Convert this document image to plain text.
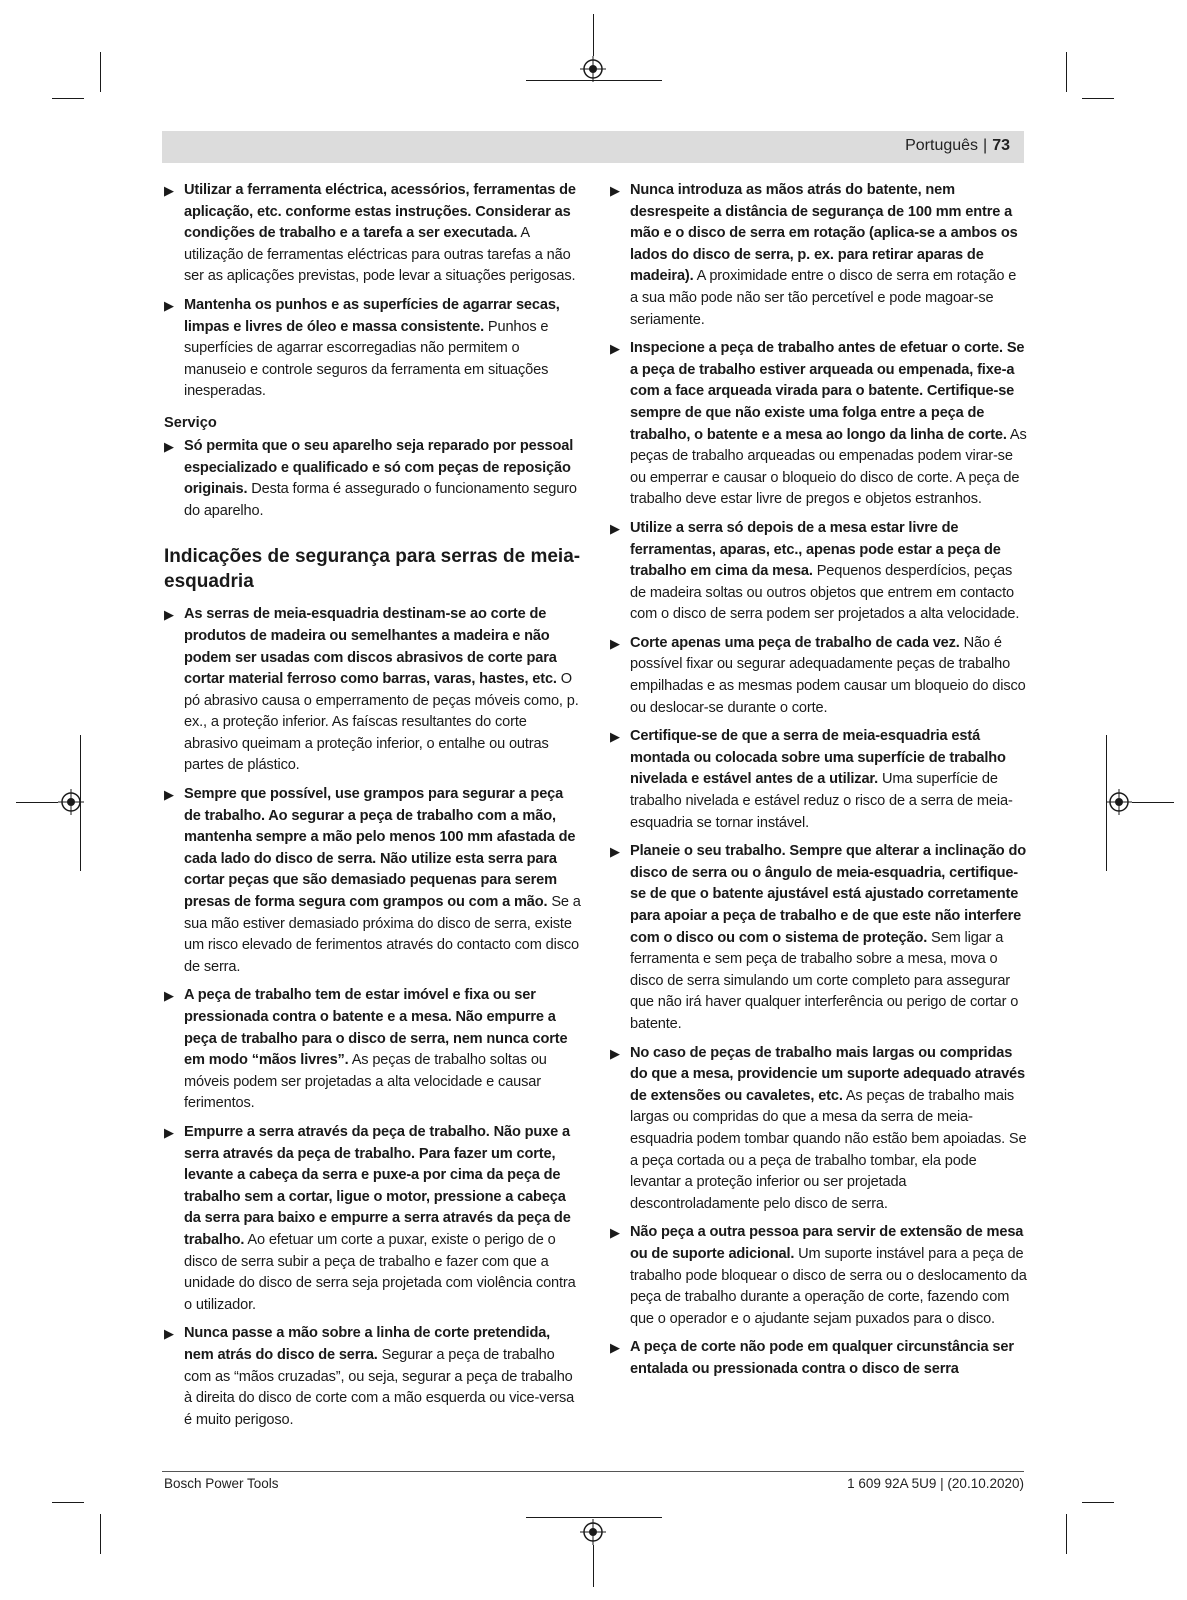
Português | 73
▶ Utilizar a ferramenta eléctrica, acessórios, ferramentas de aplicação, etc. conforme estas instruções. Considerar as condições de trabalho e a tarefa a ser executada. A utilização de ferramentas eléctricas para outras tarefas a não ser as aplicações previstas, pode levar a situações perigosas.
▶ Mantenha os punhos e as superfícies de agarrar secas, limpas e livres de óleo e massa consistente. Punhos e superfícies de agarrar escorregadias não permitem o manuseio e controle seguros da ferramenta em situações inesperadas.
Serviço
▶ Só permita que o seu aparelho seja reparado por pessoal especializado e qualificado e só com peças de reposição originais. Desta forma é assegurado o funcionamento seguro do aparelho.
Indicações de segurança para serras de meia-esquadria
▶ As serras de meia-esquadria destinam-se ao corte de produtos de madeira ou semelhantes a madeira e não podem ser usadas com discos abrasivos de corte para cortar material ferroso como barras, varas, hastes, etc. O pó abrasivo causa o emperramento de peças móveis como, p. ex., a proteção inferior. As faíscas resultantes do corte abrasivo queimam a proteção inferior, o entalhe ou outras partes de plástico.
▶ Sempre que possível, use grampos para segurar a peça de trabalho. Ao segurar a peça de trabalho com a mão, mantenha sempre a mão pelo menos 100 mm afastada de cada lado do disco de serra. Não utilize esta serra para cortar peças que são demasiado pequenas para serem presas de forma segura com grampos ou com a mão. Se a sua mão estiver demasiado próxima do disco de serra, existe um risco elevado de ferimentos através do contacto com disco de serra.
▶ A peça de trabalho tem de estar imóvel e fixa ou ser pressionada contra o batente e a mesa. Não empurre a peça de trabalho para o disco de serra, nem nunca corte em modo “mãos livres”. As peças de trabalho soltas ou móveis podem ser projetadas a alta velocidade e causar ferimentos.
▶ Empurre a serra através da peça de trabalho. Não puxe a serra através da peça de trabalho. Para fazer um corte, levante a cabeça da serra e puxe-a por cima da peça de trabalho sem a cortar, ligue o motor, pressione a cabeça da serra para baixo e empurre a serra através da peça de trabalho. Ao efetuar um corte a puxar, existe o perigo de o disco de serra subir a peça de trabalho e fazer com que a unidade do disco de serra seja projetada com violência contra o utilizador.
▶ Nunca passe a mão sobre a linha de corte pretendida, nem atrás do disco de serra. Segurar a peça de trabalho com as “mãos cruzadas”, ou seja, segurar a peça de trabalho à direita do disco de corte com a mão esquerda ou vice-versa é muito perigoso.
▶ Nunca introduza as mãos atrás do batente, nem desrespeite a distância de segurança de 100 mm entre a mão e o disco de serra em rotação (aplica-se a ambos os lados do disco de serra, p. ex. para retirar aparas de madeira). A proximidade entre o disco de serra em rotação e a sua mão pode não ser tão percetível e pode magoar-se seriamente.
▶ Inspecione a peça de trabalho antes de efetuar o corte. Se a peça de trabalho estiver arqueada ou empenada, fixe-a com a face arqueada virada para o batente. Certifique-se sempre de que não existe uma folga entre a peça de trabalho, o batente e a mesa ao longo da linha de corte. As peças de trabalho arqueadas ou empenadas podem virar-se ou emperrar e causar o bloqueio do disco de corte. A peça de trabalho deve estar livre de pregos e objetos estranhos.
▶ Utilize a serra só depois de a mesa estar livre de ferramentas, aparas, etc., apenas pode estar a peça de trabalho em cima da mesa. Pequenos desperdícios, peças de madeira soltas ou outros objetos que entrem em contacto com o disco de serra podem ser projetados a alta velocidade.
▶ Corte apenas uma peça de trabalho de cada vez. Não é possível fixar ou segurar adequadamente peças de trabalho empilhadas e as mesmas podem causar um bloqueio do disco ou deslocar-se durante o corte.
▶ Certifique-se de que a serra de meia-esquadria está montada ou colocada sobre uma superfície de trabalho nivelada e estável antes de a utilizar. Uma superfície de trabalho nivelada e estável reduz o risco de a serra de meia-esquadria se tornar instável.
▶ Planeie o seu trabalho. Sempre que alterar a inclinação do disco de serra ou o ângulo de meia-esquadria, certifique-se de que o batente ajustável está ajustado corretamente para apoiar a peça de trabalho e de que este não interfere com o disco ou com o sistema de proteção. Sem ligar a ferramenta e sem peça de trabalho sobre a mesa, mova o disco de serra simulando um corte completo para assegurar que não irá haver qualquer interferência ou perigo de cortar o batente.
▶ No caso de peças de trabalho mais largas ou compridas do que a mesa, providencie um suporte adequado através de extensões ou cavaletes, etc. As peças de trabalho mais largas ou compridas do que a mesa da serra de meia-esquadria podem tombar quando não estão bem apoiadas. Se a peça cortada ou a peça de trabalho tombar, ela pode levantar a proteção inferior ou ser projetada descontroladamente pelo disco de serra.
▶ Não peça a outra pessoa para servir de extensão de mesa ou de suporte adicional. Um suporte instável para a peça de trabalho pode bloquear o disco de serra ou o deslocamento da peça de trabalho durante a operação de corte, fazendo com que o operador e o ajudante sejam puxados para o disco.
▶ A peça de corte não pode em qualquer circunstância ser entalada ou pressionada contra o disco de serra
Bosch Power Tools	1 609 92A 5U9 | (20.10.2020)
